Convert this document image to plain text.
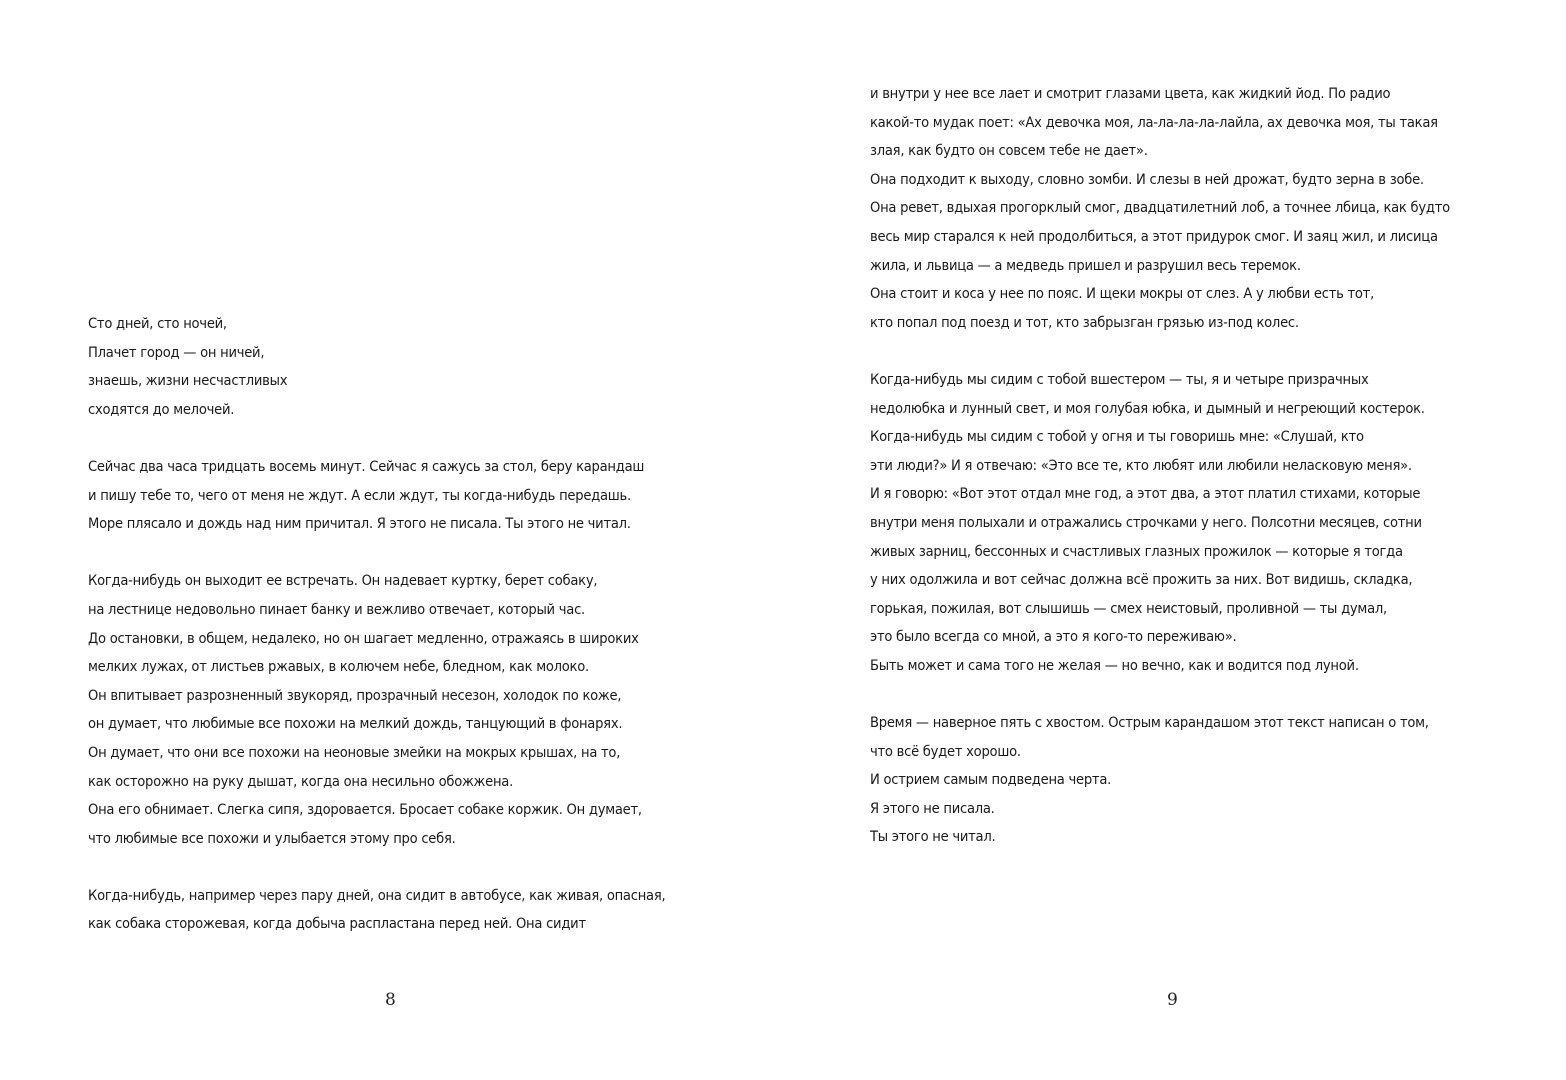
Сто дней, сто ночей,
Плачет город — он ничей,
знаешь, жизни несчастливых
сходятся до мелочей.
Сейчас два часа тридцать восемь минут. Сейчас я сажусь за стол, беру карандаш
и пишу тебе то, чего от меня не ждут. А если ждут, ты когда-нибудь передашь.
Море плясало и дождь над ним причитал. Я этого не писала. Ты этого не читал.
Когда-нибудь он выходит ее встречать. Он надевает куртку, берет собаку,
на лестнице недовольно пинает банку и вежливо отвечает, который час.
До остановки, в общем, недалеко, но он шагает медленно, отражаясь в широких
мелких лужах, от листьев ржавых, в колючем небе, бледном, как молоко.
Он впитывает разрозненный звукоряд, прозрачный несезон, холодок по коже,
он думает, что любимые все похожи на мелкий дождь, танцующий в фонарях.
Он думает, что они все похожи на неоновые змейки на мокрых крышах, на то,
как осторожно на руку дышат, когда она несильно обожжена.
Она его обнимает. Слегка сипя, здоровается. Бросает собаке коржик. Он думает,
что любимые все похожи и улыбается этому про себя.
Когда-нибудь, например через пару дней, она сидит в автобусе, как живая, опасная,
как собака сторожевая, когда добыча распластана перед ней. Она сидит
8
и внутри у нее все лает и смотрит глазами цвета, как жидкий йод. По радио
какой-то мудак поет: «Ах девочка моя, ла-ла-ла-ла-лайла, ах девочка моя, ты такая
злая, как будто он совсем тебе не дает».
Она подходит к выходу, словно зомби. И слезы в ней дрожат, будто зерна в зобе.
Она ревет, вдыхая прогорклый смог, двадцатилетний лоб, а точнее лбица, как будто
весь мир старался к ней продолбиться, а этот придурок смог. И заяц жил, и лисица
жила, и львица — а медведь пришел и разрушил весь теремок.
Она стоит и коса у нее по пояс. И щеки мокры от слез. А у любви есть тот,
кто попал под поезд и тот, кто забрызган грязью из-под колес.
Когда-нибудь мы сидим с тобой вшестером — ты, я и четыре призрачных
недолюбка и лунный свет, и моя голубая юбка, и дымный и негреющий костерок.
Когда-нибудь мы сидим с тобой у огня и ты говоришь мне: «Слушай, кто
эти люди?» И я отвечаю: «Это все те, кто любят или любили неласковую меня».
И я говорю: «Вот этот отдал мне год, а этот два, а этот платил стихами, которые
внутри меня полыхали и отражались строчками у него. Полсотни месяцев, сотни
живых зарниц, бессонных и счастливых глазных прожилок — которые я тогда
у них одолжила и вот сейчас должна всё прожить за них. Вот видишь, складка,
горькая, пожилая, вот слышишь — смех неистовый, проливной — ты думал,
это было всегда со мной, а это я кого-то переживаю».
Быть может и сама того не желая — но вечно, как и водится под луной.
Время — наверное пять с хвостом. Острым карандашом этот текст написан о том,
что всё будет хорошо.
И острием самым подведена черта.
Я этого не писала.
Ты этого не читал.
9
